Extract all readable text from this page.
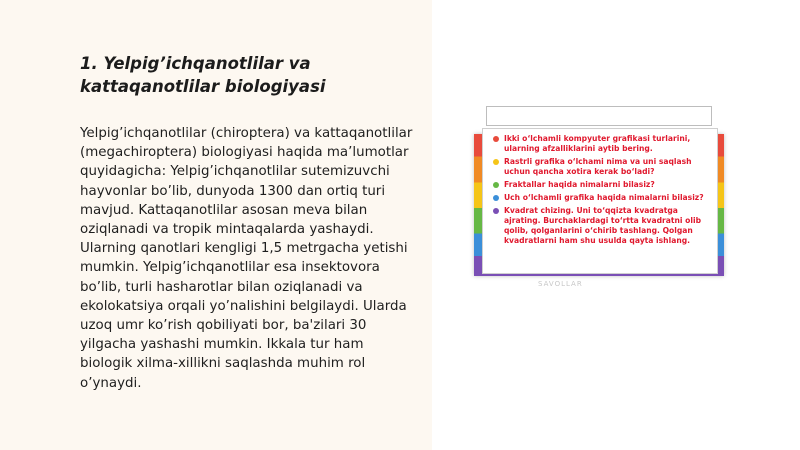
1. Yelpig’ichqanotlilar va kattaqanotlilar biologiyasi

Yelpig’ichqanotlilar (chiroptera) va kattaqanotlilar (megachiroptera) biologiyasi haqida ma’lumotlar quyidagicha: Yelpig’ichqanotlilar sutemizuvchi hayvonlar bo’lib, dunyoda 1300 dan ortiq turi mavjud. Kattaqanotlilar asosan meva bilan oziqlanadi va tropik mintaqalarda yashaydi. Ularning qanotlari kengligi 1,5 metrgacha yetishi mumkin. Yelpig’ichqanotlilar esa insektovora bo’lib, turli hasharotlar bilan oziqlanadi va ekolokatsiya orqali yo’nalishini belgilaydi. Ularda uzoq umr ko’rish qobiliyati bor, ba'zilari 30 yilgacha yashashi mumkin. Ikkala tur ham biologik xilma-xillikni saqlashda muhim rol o’ynaydi.

Ikki oʻlchamli kompyuter grafikasi turlarini, ularning afzalliklarini aytib bering.
Rastrli grafika oʻlchami nima va uni saqlash uchun qancha xotira kerak boʻladi?
Fraktallar haqida nimalarni bilasiz?
Uch oʻlchamli grafika haqida nimalarni bilasiz?
Kvadrat chizing. Uni toʻqqizta kvadratga ajrating. Burchaklardagi toʻrtta kvadratni olib qolib, qolganlarini oʻchirib tashlang. Qolgan kvadratlarni ham shu usulda qayta ishlang.
SAVOLLAR
